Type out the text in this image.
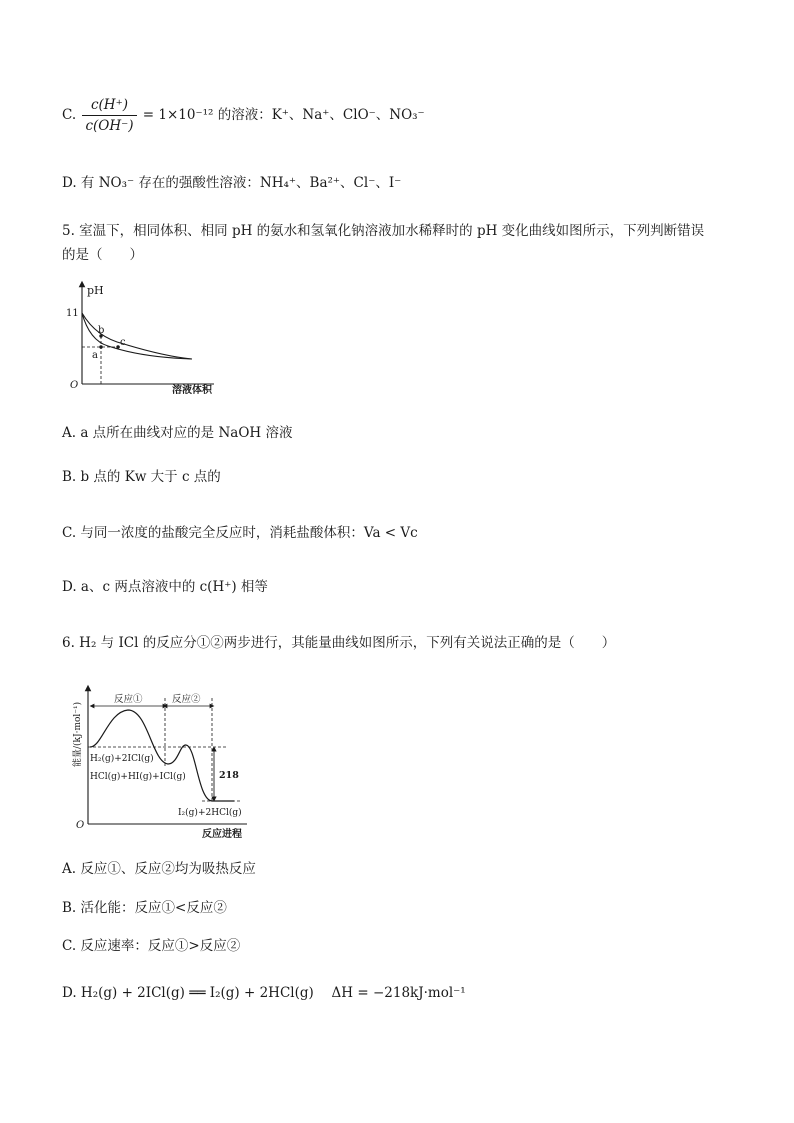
C. $\frac{c(H^+)}{c(OH^-)} = 1\times 10^{-12}$ 的溶液：K⁺、Na⁺、ClO⁻、NO₃⁻
D. 有 NO₃⁻ 存在的强酸性溶液：NH₄⁺、Ba²⁺、Cl⁻、I⁻
5. 室温下，相同体积、相同 pH 的氨水和氢氧化钠溶液加水稀释时的 pH 变化曲线如图所示，下列判断错误
的是（　　）
pH
11
O
b
a
c
溶液体积
A. a 点所在曲线对应的是 NaOH 溶液
B. b 点的 Kw 大于 c 点的
C. 与同一浓度的盐酸完全反应时，消耗盐酸体积：Va < Vc
D. a、c 两点溶液中的 c(H⁺) 相等
6. H₂ 与 ICl 的反应分①②两步进行，其能量曲线如图所示，下列有关说法正确的是（　　）
能量/(kJ·mol⁻¹)
O
反应进程
反应①	反应②
218
H₂(g)+2ICl(g)
HCl(g)+HI(g)+ICl(g)
I₂(g)+2HCl(g)
A. 反应①、反应②均为吸热反应
B. 活化能：反应①<反应②
C. 反应速率：反应①>反应②
D. H₂(g) + 2ICl(g) ══ I₂(g) + 2HCl(g)　 ΔH = −218kJ·mol⁻¹
